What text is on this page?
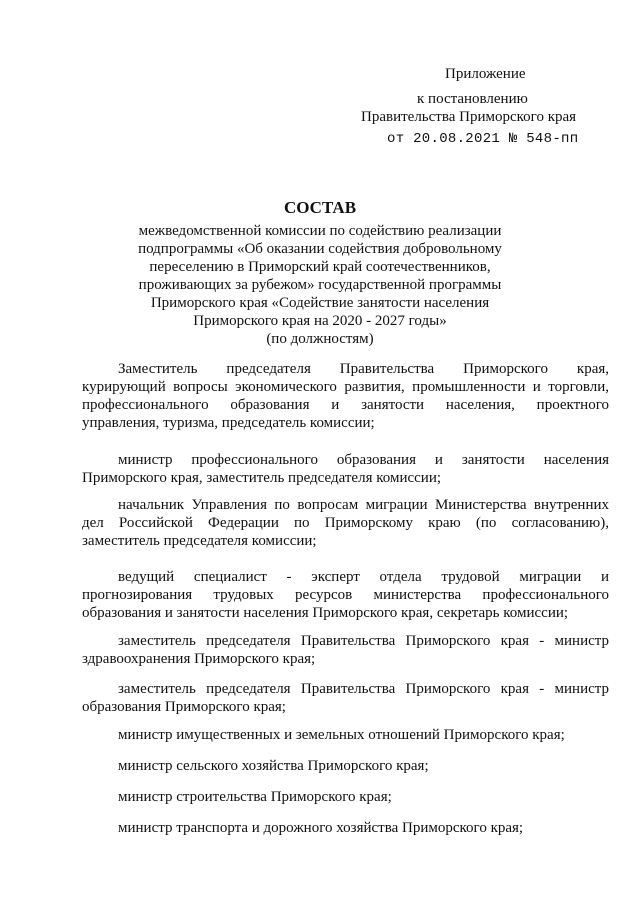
Приложение
к постановлению
Правительства Приморского края
от 20.08.2021 № 548-пп
СОСТАВ
межведомственной комиссии по содействию реализации
подпрограммы «Об оказании содействия добровольному
переселению в Приморский край соотечественников,
проживающих за рубежом» государственной программы
Приморского края «Содействие занятости населения
Приморского края на 2020 - 2027 годы»
(по должностям)
Заместитель председателя Правительства Приморского края,
курирующий вопросы экономического развития, промышленности и торговли,
профессионального образования и занятости населения, проектного
управления, туризма, председатель комиссии;
министр профессионального образования и занятости населения
Приморского края, заместитель председателя комиссии;
начальник Управления по вопросам миграции Министерства внутренних
дел Российской Федерации по Приморскому краю (по согласованию),
заместитель председателя комиссии;
ведущий специалист - эксперт отдела трудовой миграции и
прогнозирования трудовых ресурсов министерства профессионального
образования и занятости населения Приморского края, секретарь комиссии;
заместитель председателя Правительства Приморского края - министр
здравоохранения Приморского края;
заместитель председателя Правительства Приморского края - министр
образования Приморского края;
министр имущественных и земельных отношений Приморского края;
министр сельского хозяйства Приморского края;
министр строительства Приморского края;
министр транспорта и дорожного хозяйства Приморского края;
